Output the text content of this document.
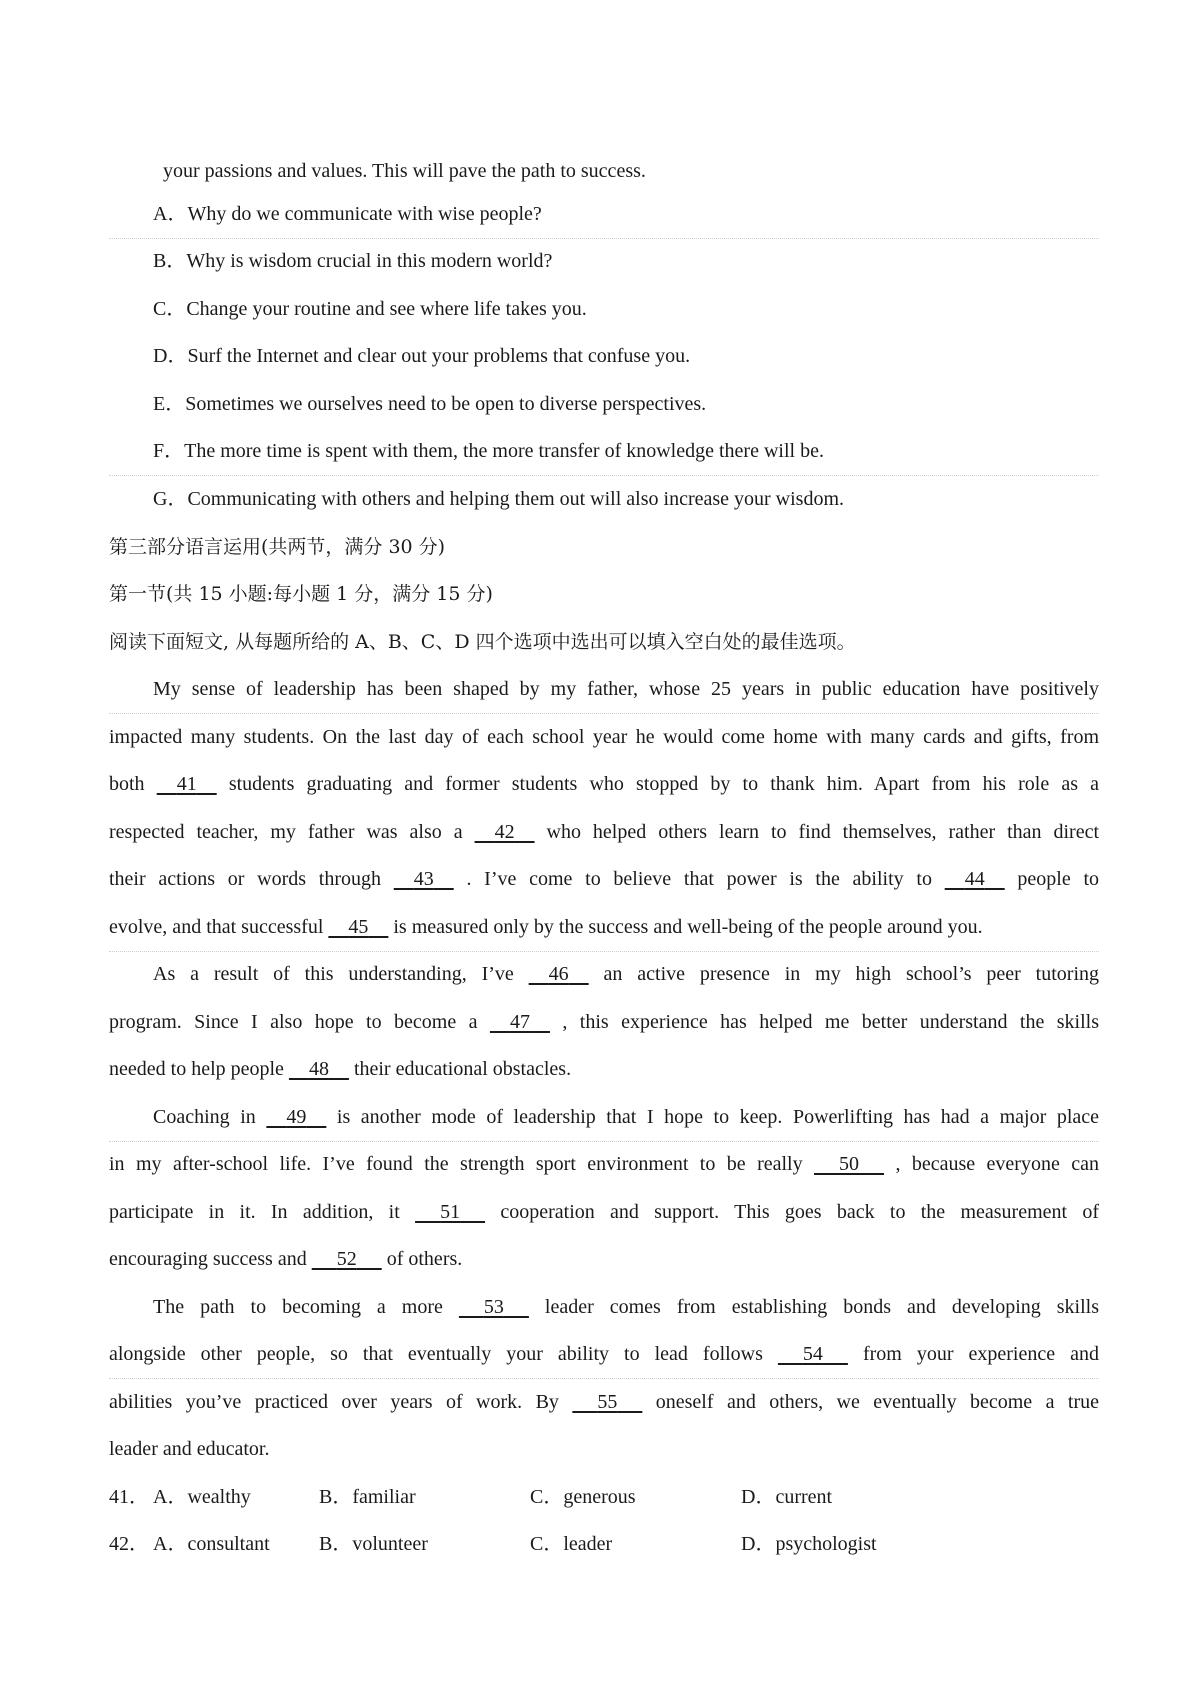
your passions and values. This will pave the path to success.
A．Why do we communicate with wise people?
B．Why is wisdom crucial in this modern world?
C．Change your routine and see where life takes you.
D．Surf the Internet and clear out your problems that confuse you.
E．Sometimes we ourselves need to be open to diverse perspectives.
F．The more time is spent with them, the more transfer of knowledge there will be.
G．Communicating with others and helping them out will also increase your wisdom.
第三部分语言运用(共两节，满分 30 分)
第一节(共 15 小题:每小题 1 分，满分 15 分)
阅读下面短文, 从每题所给的 A、B、C、D 四个选项中选出可以填入空白处的最佳选项。
My sense of leadership has been shaped by my father, whose 25 years in public education have positively
impacted many students. On the last day of each school year he would come home with many cards and gifts, from
both 41 students graduating and former students who stopped by to thank him. Apart from his role as a
respected teacher, my father was also a 42 who helped others learn to find themselves, rather than direct
their actions or words through 43 . I’ve come to believe that power is the ability to 44 people to
evolve, and that successful 45 is measured only by the success and well-being of the people around you.
As a result of this understanding, I’ve 46 an active presence in my high school’s peer tutoring
program. Since I also hope to become a 47 , this experience has helped me better understand the skills
needed to help people 48 their educational obstacles.
Coaching in 49 is another mode of leadership that I hope to keep. Powerlifting has had a major place
in my after-school life. I’ve found the strength sport environment to be really 50 , because everyone can
participate in it. In addition, it 51 cooperation and support. This goes back to the measurement of
encouraging success and 52 of others.
The path to becoming a more 53 leader comes from establishing bonds and developing skills
alongside other people, so that eventually your ability to lead follows 54 from your experience and
abilities you’ve practiced over years of work. By 55 oneself and others, we eventually become a true
leader and educator.
41． A．wealthy	B．familiar	C．generous	D．current
42． A．consultant B．volunteer	C．leader	D．psychologist
